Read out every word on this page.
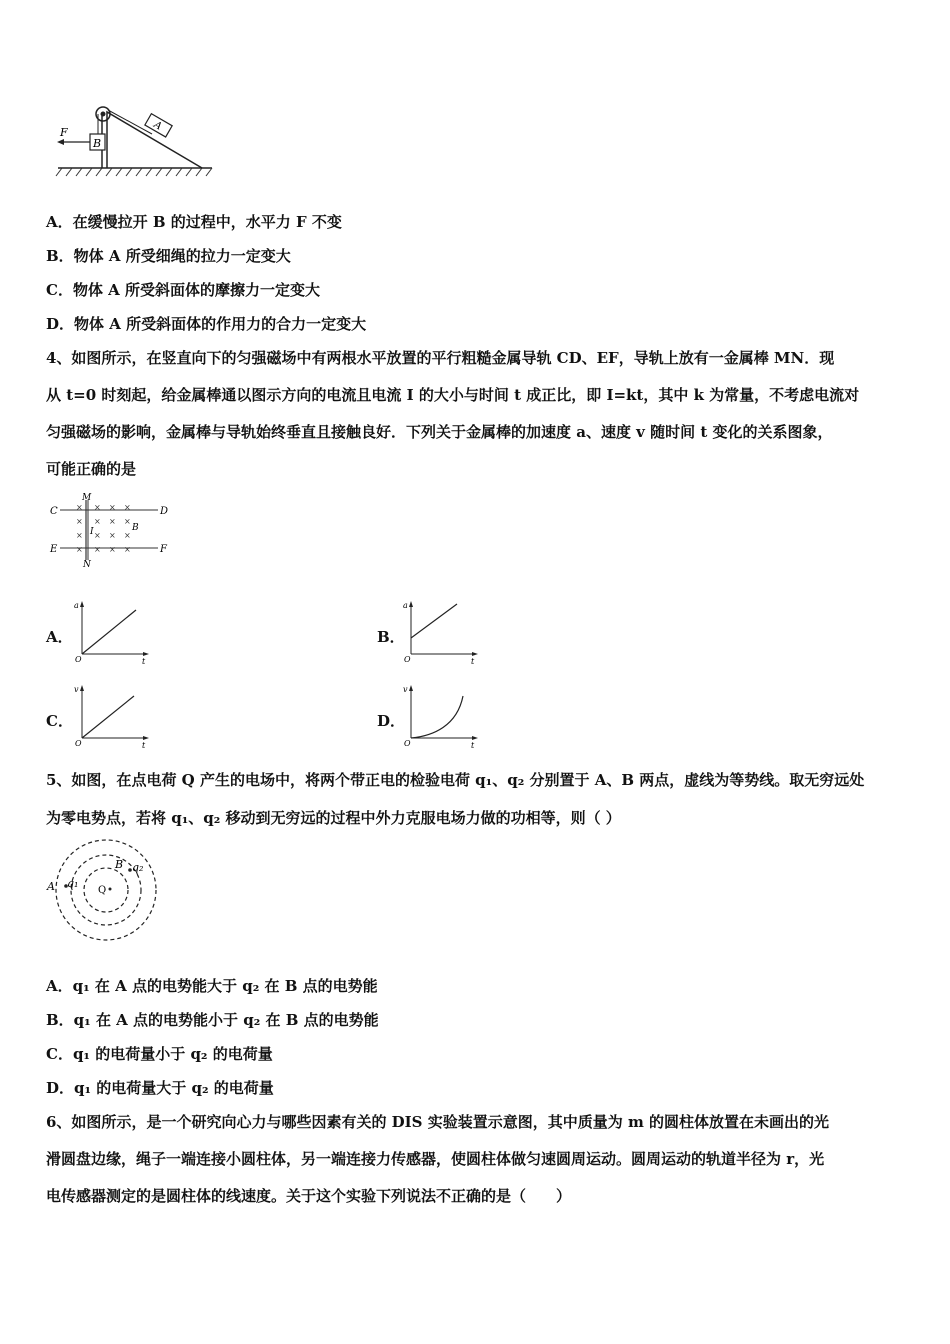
B
F	A
A．在缓慢拉开 B 的过程中，水平力 F 不变
B．物体 A 所受细绳的拉力一定变大
C．物体 A 所受斜面体的摩擦力一定变大
D．物体 A 所受斜面体的作用力的合力一定变大
4、如图所示，在竖直向下的匀强磁场中有两根水平放置的平行粗糙金属导轨 CD、EF，导轨上放有一金属棒 MN．现
从 t=0 时刻起，给金属棒通以图示方向的电流且电流 I 的大小与时间 t 成正比，即 I=kt，其中 k 为常量，不考虑电流对
匀强磁场的影响，金属棒与导轨始终垂直且接触良好．下列关于金属棒的加速度 a、速度 v 随时间 t 变化的关系图象，
可能正确的是
C	D
E	F
M
N
B
I
× × × ×
× × × ×
× × × ×
× × × ×
A．
a
t
O
B．
a
t
O
C．
v
t
O
D．
v
t
O
5、如图，在点电荷 Q 产生的电场中，将两个带正电的检验电荷 q₁、q₂ 分别置于 A、B 两点，虚线为等势线。取无穷远处
为零电势点，若将 q₁、q₂ 移动到无穷远的过程中外力克服电场力做的功相等，则（ ）
Q
A q₁
B q₂
A．q₁ 在 A 点的电势能大于 q₂ 在 B 点的电势能
B．q₁ 在 A 点的电势能小于 q₂ 在 B 点的电势能
C．q₁ 的电荷量小于 q₂ 的电荷量
D．q₁ 的电荷量大于 q₂ 的电荷量
6、如图所示，是一个研究向心力与哪些因素有关的 DIS 实验装置示意图，其中质量为 m 的圆柱体放置在未画出的光
滑圆盘边缘，绳子一端连接小圆柱体，另一端连接力传感器，使圆柱体做匀速圆周运动。圆周运动的轨道半径为 r，光
电传感器测定的是圆柱体的线速度。关于这个实验下列说法不正确的是（　　）
